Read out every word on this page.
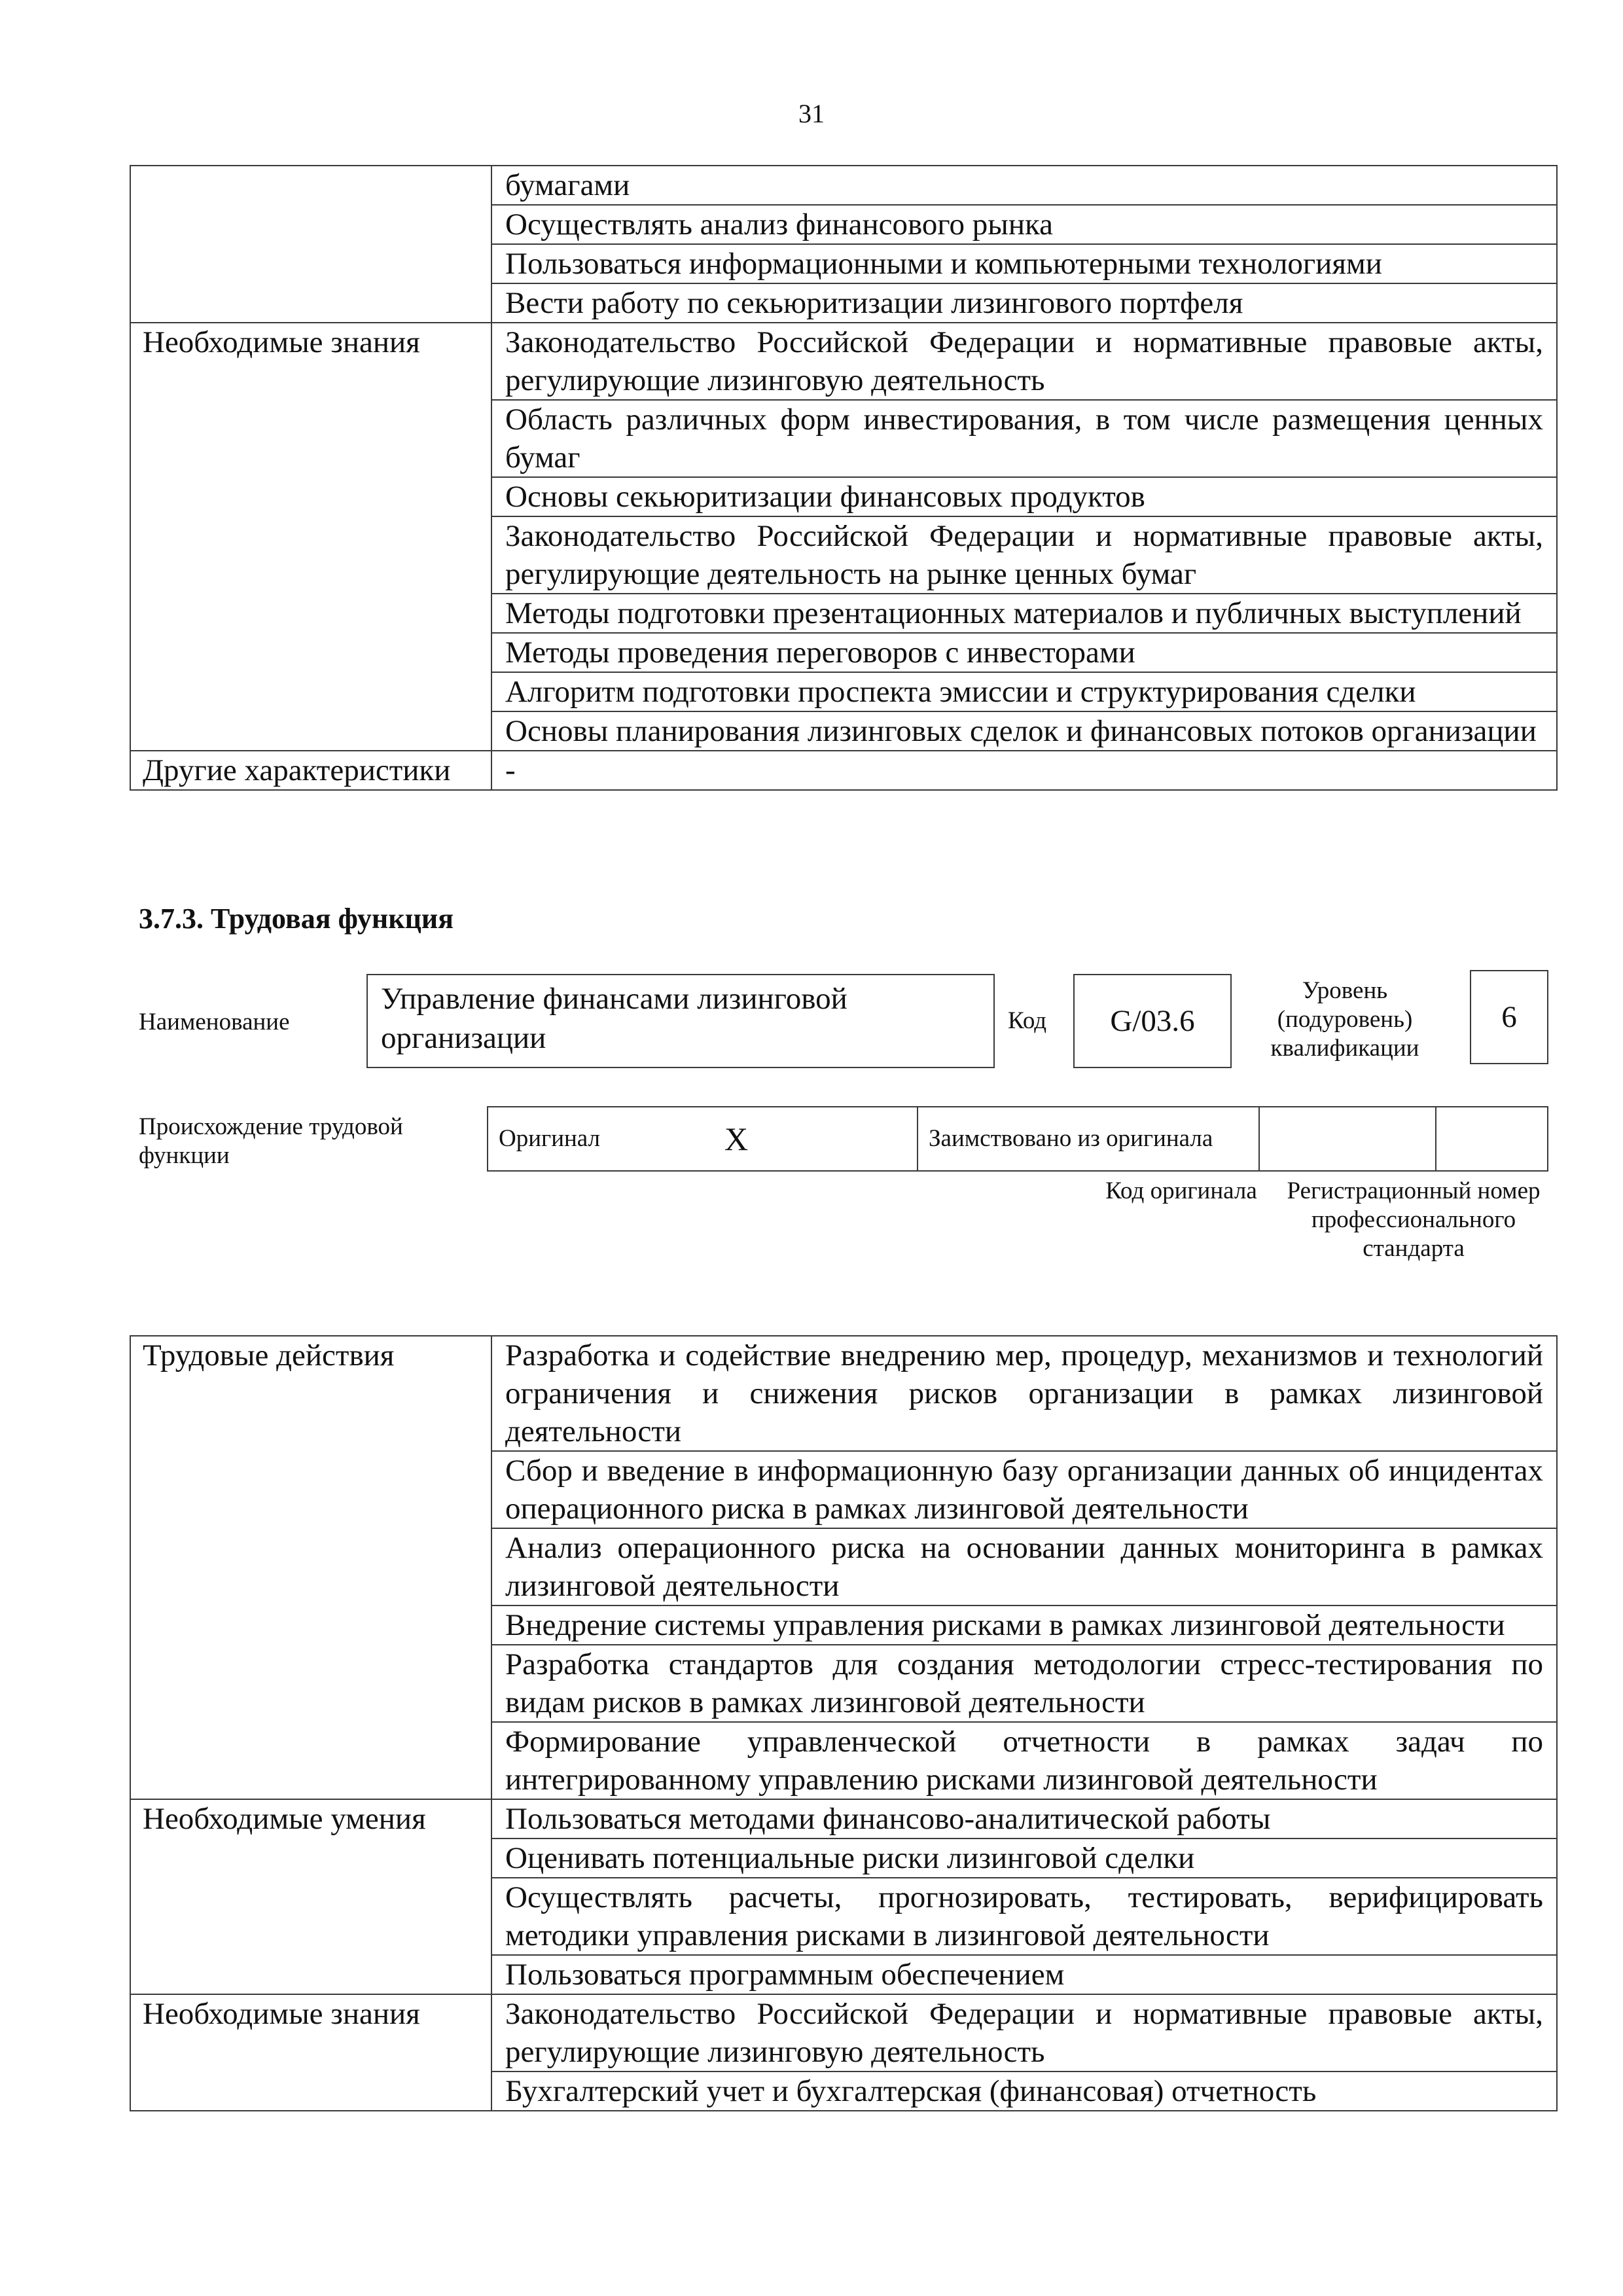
31
	бумагами
	Осуществлять анализ финансового рынка
	Пользоваться информационными и компьютерными технологиями
	Вести работу по секьюритизации лизингового портфеля
Необходимые знания	Законодательство Российской Федерации и нормативные правовые акты, регулирующие лизинговую деятельность
	Область различных форм инвестирования, в том числе размещения ценных бумаг
	Основы секьюритизации финансовых продуктов
	Законодательство Российской Федерации и нормативные правовые акты, регулирующие деятельность на рынке ценных бумаг
	Методы подготовки презентационных материалов и публичных выступлений
	Методы проведения переговоров с инвесторами
	Алгоритм подготовки проспекта эмиссии и структурирования сделки
	Основы планирования лизинговых сделок и финансовых потоков организации
Другие характеристики	-
3.7.3. Трудовая функция
Наименование
Управление финансами лизинговой организации
Код	G/03.6
Уровень (подуровень) квалификации
6
Происхождение трудовой функции
Оригинал	X	Заимствовано из оригинала		
Код оригинала	Регистрационный номер профессионального стандарта
Трудовые действия	Разработка и содействие внедрению мер, процедур, механизмов и технологий ограничения и снижения рисков организации в рамках лизинговой деятельности
	Сбор и введение в информационную базу организации данных об инцидентах операционного риска в рамках лизинговой деятельности
	Анализ операционного риска на основании данных мониторинга в рамках лизинговой деятельности
	Внедрение системы управления рисками в рамках лизинговой деятельности
	Разработка стандартов для создания методологии стресс-тестирования по видам рисков в рамках лизинговой деятельности
	Формирование управленческой отчетности в рамках задач по интегрированному управлению рисками лизинговой деятельности
Необходимые умения	Пользоваться методами финансово-аналитической работы
	Оценивать потенциальные риски лизинговой сделки
	Осуществлять расчеты, прогнозировать, тестировать, верифицировать методики управления рисками в лизинговой деятельности
	Пользоваться программным обеспечением
Необходимые знания	Законодательство Российской Федерации и нормативные правовые акты, регулирующие лизинговую деятельность
	Бухгалтерский учет и бухгалтерская (финансовая) отчетность
